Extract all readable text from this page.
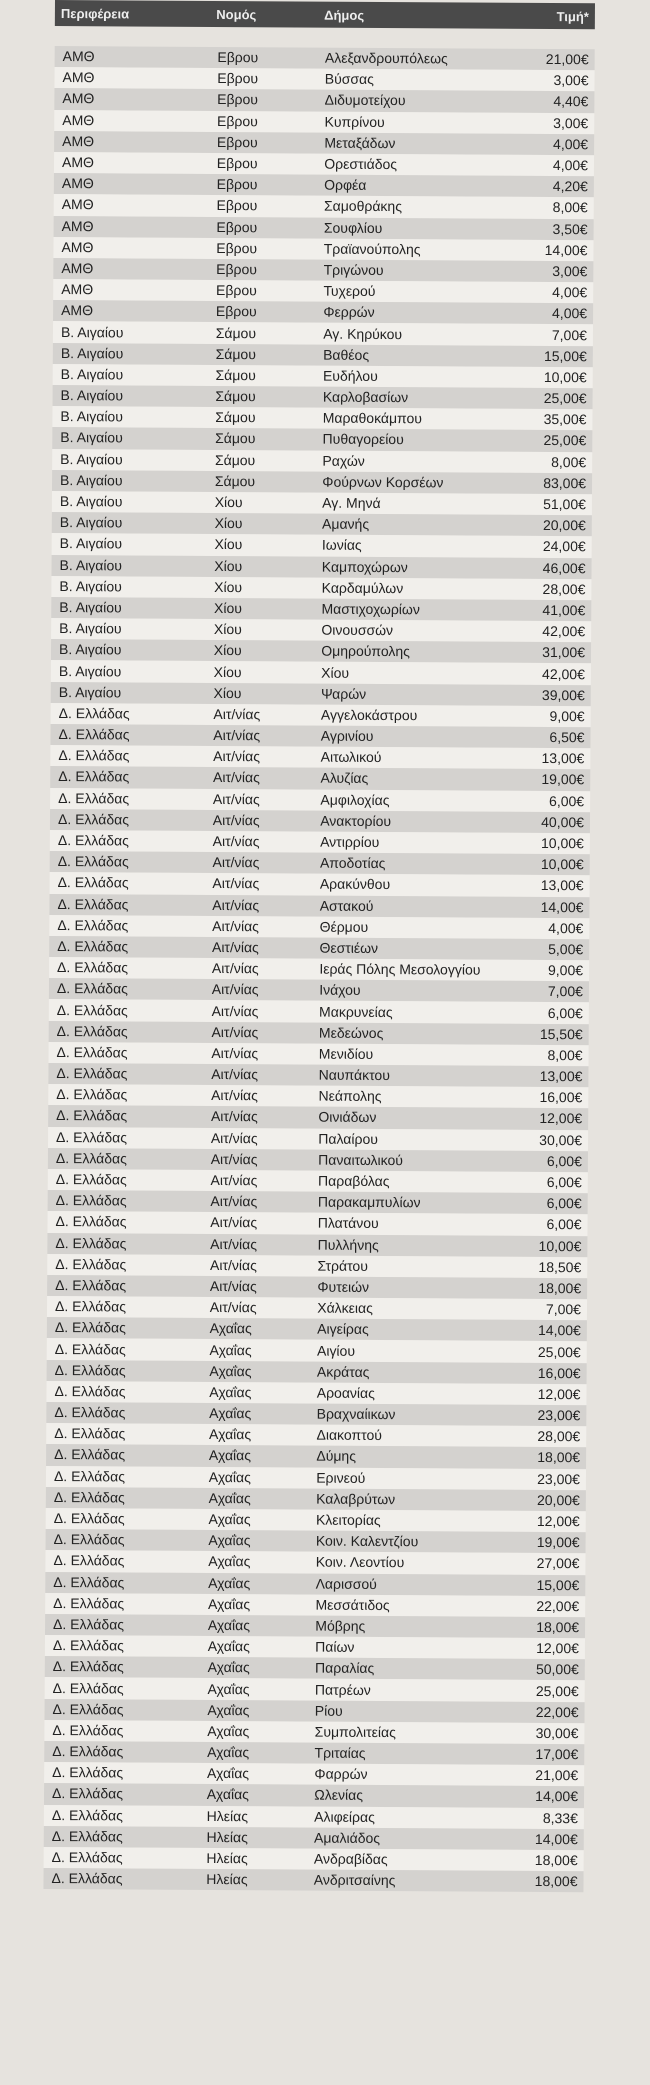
Περιφέρεια	Νομός	Δήμος	Τιμή*
ΑΜΘ	Εβρου	Αλεξανδρουπόλεως	21,00€
ΑΜΘ	Εβρου	Βύσσας	3,00€
ΑΜΘ	Εβρου	Διδυμοτείχου	4,40€
ΑΜΘ	Εβρου	Κυπρίνου	3,00€
ΑΜΘ	Εβρου	Μεταξάδων	4,00€
ΑΜΘ	Εβρου	Ορεστιάδος	4,00€
ΑΜΘ	Εβρου	Ορφέα	4,20€
ΑΜΘ	Εβρου	Σαμοθράκης	8,00€
ΑΜΘ	Εβρου	Σουφλίου	3,50€
ΑΜΘ	Εβρου	Τραϊανούπολης	14,00€
ΑΜΘ	Εβρου	Τριγώνου	3,00€
ΑΜΘ	Εβρου	Τυχερού	4,00€
ΑΜΘ	Εβρου	Φερρών	4,00€
Β. Αιγαίου	Σάμου	Αγ. Κηρύκου	7,00€
Β. Αιγαίου	Σάμου	Βαθέος	15,00€
Β. Αιγαίου	Σάμου	Ευδήλου	10,00€
Β. Αιγαίου	Σάμου	Καρλοβασίων	25,00€
Β. Αιγαίου	Σάμου	Μαραθοκάμπου	35,00€
Β. Αιγαίου	Σάμου	Πυθαγορείου	25,00€
Β. Αιγαίου	Σάμου	Ραχών	8,00€
Β. Αιγαίου	Σάμου	Φούρνων Κορσέων	83,00€
Β. Αιγαίου	Χίου	Αγ. Μηνά	51,00€
Β. Αιγαίου	Χίου	Αμανής	20,00€
Β. Αιγαίου	Χίου	Ιωνίας	24,00€
Β. Αιγαίου	Χίου	Καμποχώρων	46,00€
Β. Αιγαίου	Χίου	Καρδαμύλων	28,00€
Β. Αιγαίου	Χίου	Μαστιχοχωρίων	41,00€
Β. Αιγαίου	Χίου	Οινουσσών	42,00€
Β. Αιγαίου	Χίου	Ομηρούπολης	31,00€
Β. Αιγαίου	Χίου	Χίου	42,00€
Β. Αιγαίου	Χίου	Ψαρών	39,00€
Δ. Ελλάδας	Αιτ/νίας	Αγγελοκάστρου	9,00€
Δ. Ελλάδας	Αιτ/νίας	Αγρινίου	6,50€
Δ. Ελλάδας	Αιτ/νίας	Αιτωλικού	13,00€
Δ. Ελλάδας	Αιτ/νίας	Αλυζίας	19,00€
Δ. Ελλάδας	Αιτ/νίας	Αμφιλοχίας	6,00€
Δ. Ελλάδας	Αιτ/νίας	Ανακτορίου	40,00€
Δ. Ελλάδας	Αιτ/νίας	Αντιρρίου	10,00€
Δ. Ελλάδας	Αιτ/νίας	Αποδοτίας	10,00€
Δ. Ελλάδας	Αιτ/νίας	Αρακύνθου	13,00€
Δ. Ελλάδας	Αιτ/νίας	Αστακού	14,00€
Δ. Ελλάδας	Αιτ/νίας	Θέρμου	4,00€
Δ. Ελλάδας	Αιτ/νίας	Θεστιέων	5,00€
Δ. Ελλάδας	Αιτ/νίας	Ιεράς Πόλης Μεσολογγίου	9,00€
Δ. Ελλάδας	Αιτ/νίας	Ινάχου	7,00€
Δ. Ελλάδας	Αιτ/νίας	Μακρυνείας	6,00€
Δ. Ελλάδας	Αιτ/νίας	Μεδεώνος	15,50€
Δ. Ελλάδας	Αιτ/νίας	Μενιδίου	8,00€
Δ. Ελλάδας	Αιτ/νίας	Ναυπάκτου	13,00€
Δ. Ελλάδας	Αιτ/νίας	Νεάπολης	16,00€
Δ. Ελλάδας	Αιτ/νίας	Οινιάδων	12,00€
Δ. Ελλάδας	Αιτ/νίας	Παλαίρου	30,00€
Δ. Ελλάδας	Αιτ/νίας	Παναιτωλικού	6,00€
Δ. Ελλάδας	Αιτ/νίας	Παραβόλας	6,00€
Δ. Ελλάδας	Αιτ/νίας	Παρακαμπυλίων	6,00€
Δ. Ελλάδας	Αιτ/νίας	Πλατάνου	6,00€
Δ. Ελλάδας	Αιτ/νίας	Πυλλήνης	10,00€
Δ. Ελλάδας	Αιτ/νίας	Στράτου	18,50€
Δ. Ελλάδας	Αιτ/νίας	Φυτειών	18,00€
Δ. Ελλάδας	Αιτ/νίας	Χάλκειας	7,00€
Δ. Ελλάδας	Αχαΐας	Αιγείρας	14,00€
Δ. Ελλάδας	Αχαΐας	Αιγίου	25,00€
Δ. Ελλάδας	Αχαΐας	Ακράτας	16,00€
Δ. Ελλάδας	Αχαΐας	Αροανίας	12,00€
Δ. Ελλάδας	Αχαΐας	Βραχναίικων	23,00€
Δ. Ελλάδας	Αχαΐας	Διακοπτού	28,00€
Δ. Ελλάδας	Αχαΐας	Δύμης	18,00€
Δ. Ελλάδας	Αχαΐας	Ερινεού	23,00€
Δ. Ελλάδας	Αχαΐας	Καλαβρύτων	20,00€
Δ. Ελλάδας	Αχαΐας	Κλειτορίας	12,00€
Δ. Ελλάδας	Αχαΐας	Κοιν. Καλεντζίου	19,00€
Δ. Ελλάδας	Αχαΐας	Κοιν. Λεοντίου	27,00€
Δ. Ελλάδας	Αχαΐας	Λαρισσού	15,00€
Δ. Ελλάδας	Αχαΐας	Μεσσάτιδος	22,00€
Δ. Ελλάδας	Αχαΐας	Μόβρης	18,00€
Δ. Ελλάδας	Αχαΐας	Παίων	12,00€
Δ. Ελλάδας	Αχαΐας	Παραλίας	50,00€
Δ. Ελλάδας	Αχαΐας	Πατρέων	25,00€
Δ. Ελλάδας	Αχαΐας	Ρίου	22,00€
Δ. Ελλάδας	Αχαΐας	Συμπολιτείας	30,00€
Δ. Ελλάδας	Αχαΐας	Τριταίας	17,00€
Δ. Ελλάδας	Αχαΐας	Φαρρών	21,00€
Δ. Ελλάδας	Αχαΐας	Ωλενίας	14,00€
Δ. Ελλάδας	Ηλείας	Αλιφείρας	8,33€
Δ. Ελλάδας	Ηλείας	Αμαλιάδος	14,00€
Δ. Ελλάδας	Ηλείας	Ανδραβίδας	18,00€
Δ. Ελλάδας	Ηλείας	Ανδριτσαίνης	18,00€
